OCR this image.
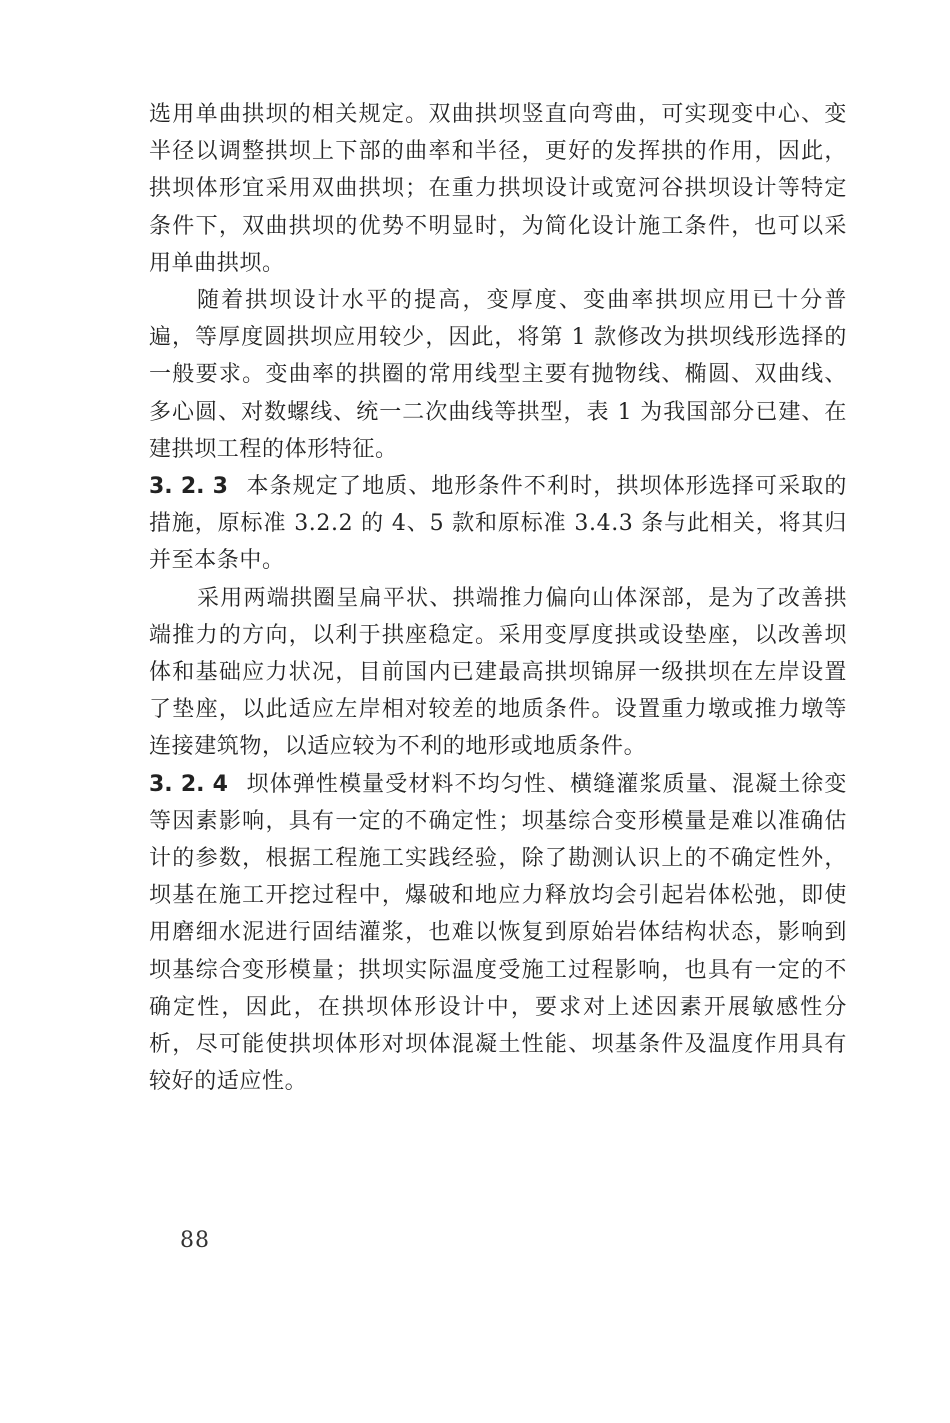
选用单曲拱坝的相关规定。双曲拱坝竖直向弯曲，可实现变中心、变半径以调整拱坝上下部的曲率和半径，更好的发挥拱的作用，因此，拱坝体形宜采用双曲拱坝；在重力拱坝设计或宽河谷拱坝设计等特定条件下，双曲拱坝的优势不明显时，为简化设计施工条件，也可以采用单曲拱坝。

随着拱坝设计水平的提高，变厚度、变曲率拱坝应用已十分普遍，等厚度圆拱坝应用较少，因此，将第 1 款修改为拱坝线形选择的一般要求。变曲率的拱圈的常用线型主要有抛物线、椭圆、双曲线、多心圆、对数螺线、统一二次曲线等拱型，表 1 为我国部分已建、在建拱坝工程的体形特征。

3. 2. 3 本条规定了地质、地形条件不利时，拱坝体形选择可采取的措施，原标准 3.2.2 的 4、5 款和原标准 3.4.3 条与此相关，将其归并至本条中。

采用两端拱圈呈扁平状、拱端推力偏向山体深部，是为了改善拱端推力的方向，以利于拱座稳定。采用变厚度拱或设垫座，以改善坝体和基础应力状况，目前国内已建最高拱坝锦屏一级拱坝在左岸设置了垫座，以此适应左岸相对较差的地质条件。设置重力墩或推力墩等连接建筑物，以适应较为不利的地形或地质条件。

3. 2. 4 坝体弹性模量受材料不均匀性、横缝灌浆质量、混凝土徐变等因素影响，具有一定的不确定性；坝基综合变形模量是难以准确估计的参数，根据工程施工实践经验，除了勘测认识上的不确定性外，坝基在施工开挖过程中，爆破和地应力释放均会引起岩体松弛，即使用磨细水泥进行固结灌浆，也难以恢复到原始岩体结构状态，影响到坝基综合变形模量；拱坝实际温度受施工过程影响，也具有一定的不确定性，因此，在拱坝体形设计中，要求对上述因素开展敏感性分析，尽可能使拱坝体形对坝体混凝土性能、坝基条件及温度作用具有较好的适应性。

88
